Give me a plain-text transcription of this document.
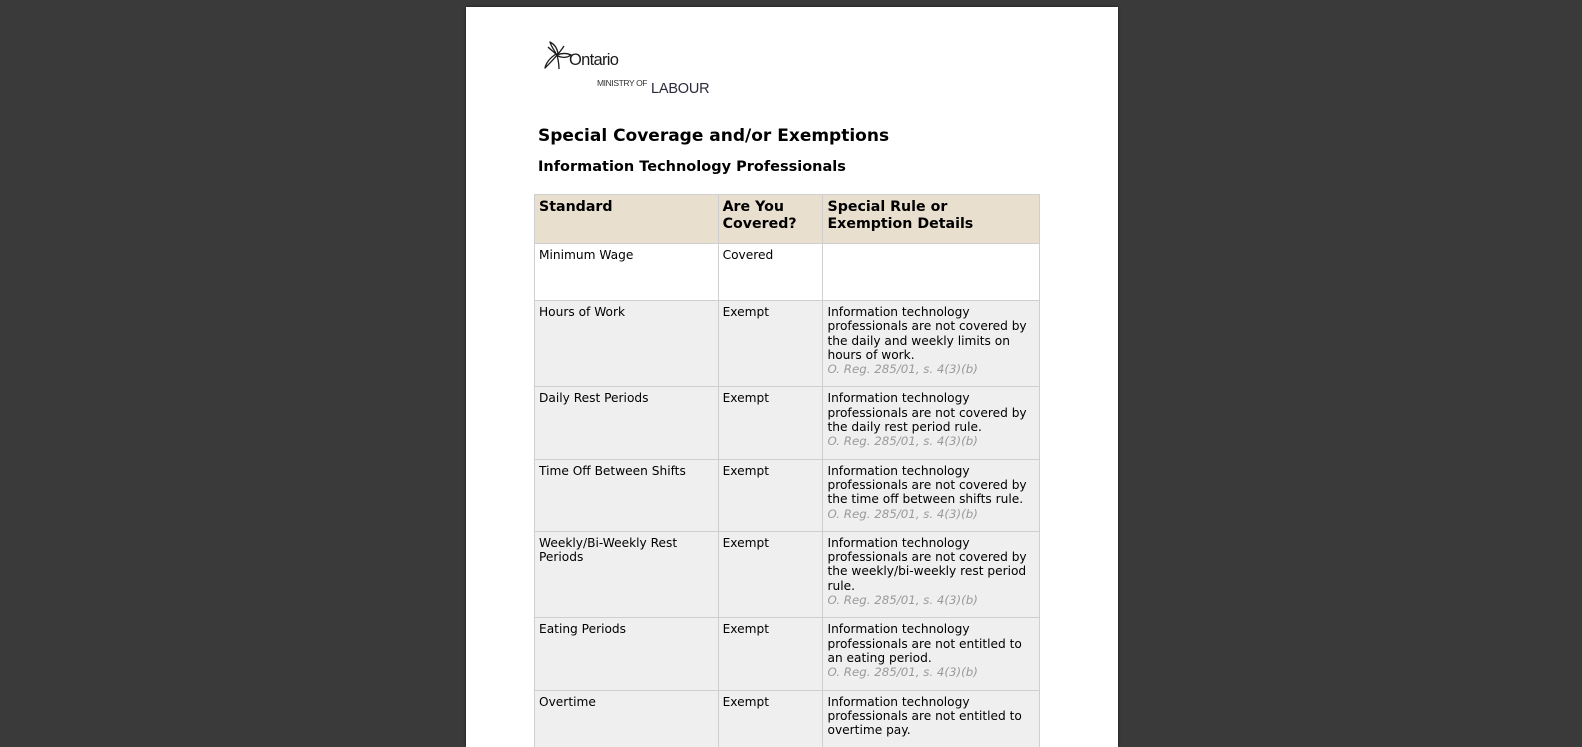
Ontario
MINISTRY OF LABOUR
Special Coverage and/or Exemptions
Information Technology Professionals
Standard	Are You Covered?	Special Rule or Exemption Details
Minimum Wage	Covered	
Hours of Work	Exempt	Information technology professionals are not covered by the daily and weekly limits on hours of work.
O. Reg. 285/01, s. 4(3)(b)

Daily Rest Periods	Exempt	Information technology professionals are not covered by the daily rest period rule.
O. Reg. 285/01, s. 4(3)(b)

Time Off Between Shifts	Exempt	Information technology professionals are not covered by the time off between shifts rule.
O. Reg. 285/01, s. 4(3)(b)

Weekly/Bi-Weekly Rest Periods	Exempt	Information technology professionals are not covered by the weekly/bi-weekly rest period rule.
O. Reg. 285/01, s. 4(3)(b)

Eating Periods	Exempt	Information technology professionals are not entitled to an eating period.
O. Reg. 285/01, s. 4(3)(b)

Overtime	Exempt	Information technology professionals are not entitled to overtime pay.
